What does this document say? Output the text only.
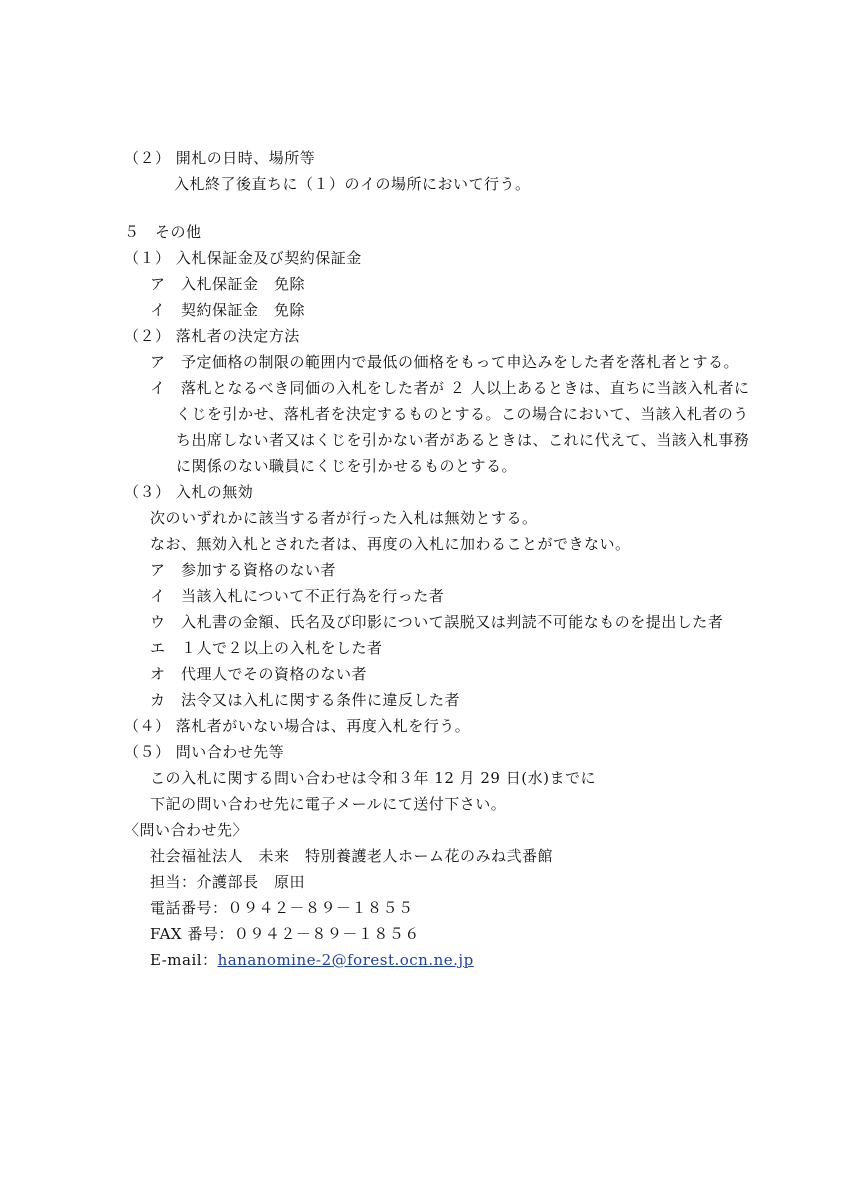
（２） 開札の日時、場所等
入札終了後直ちに（１）のイの場所において行う。
５　その他
（１） 入札保証金及び契約保証金
ア　入札保証金　免除
イ　契約保証金　免除
（２） 落札者の決定方法
ア　予定価格の制限の範囲内で最低の価格をもって申込みをした者を落札者とする。
イ　落札となるべき同価の入札をした者が ２ 人以上あるときは、直ちに当該入札者に
くじを引かせ、落札者を決定するものとする。この場合において、当該入札者のう
ち出席しない者又はくじを引かない者があるときは、これに代えて、当該入札事務
に関係のない職員にくじを引かせるものとする。
（３） 入札の無効
次のいずれかに該当する者が行った入札は無効とする。
なお、無効入札とされた者は、再度の入札に加わることができない。
ア　参加する資格のない者
イ　当該入札について不正行為を行った者
ウ　入札書の金額、氏名及び印影について誤脱又は判読不可能なものを提出した者
エ　１人で２以上の入札をした者
オ　代理人でその資格のない者
カ　法令又は入札に関する条件に違反した者
（４） 落札者がいない場合は、再度入札を行う。
（５） 問い合わせ先等
この入札に関する問い合わせは令和３年 12 月 29 日(水)までに
下記の問い合わせ先に電子メールにて送付下さい。
〈問い合わせ先〉
社会福祉法人　未来　特別養護老人ホーム花のみね弐番館
担当：介護部長　原田
電話番号：０９４２－８９－１８５５
FAX 番号：０９４２－８９－１８５６
E-mail：hananomine-2@forest.ocn.ne.jp
